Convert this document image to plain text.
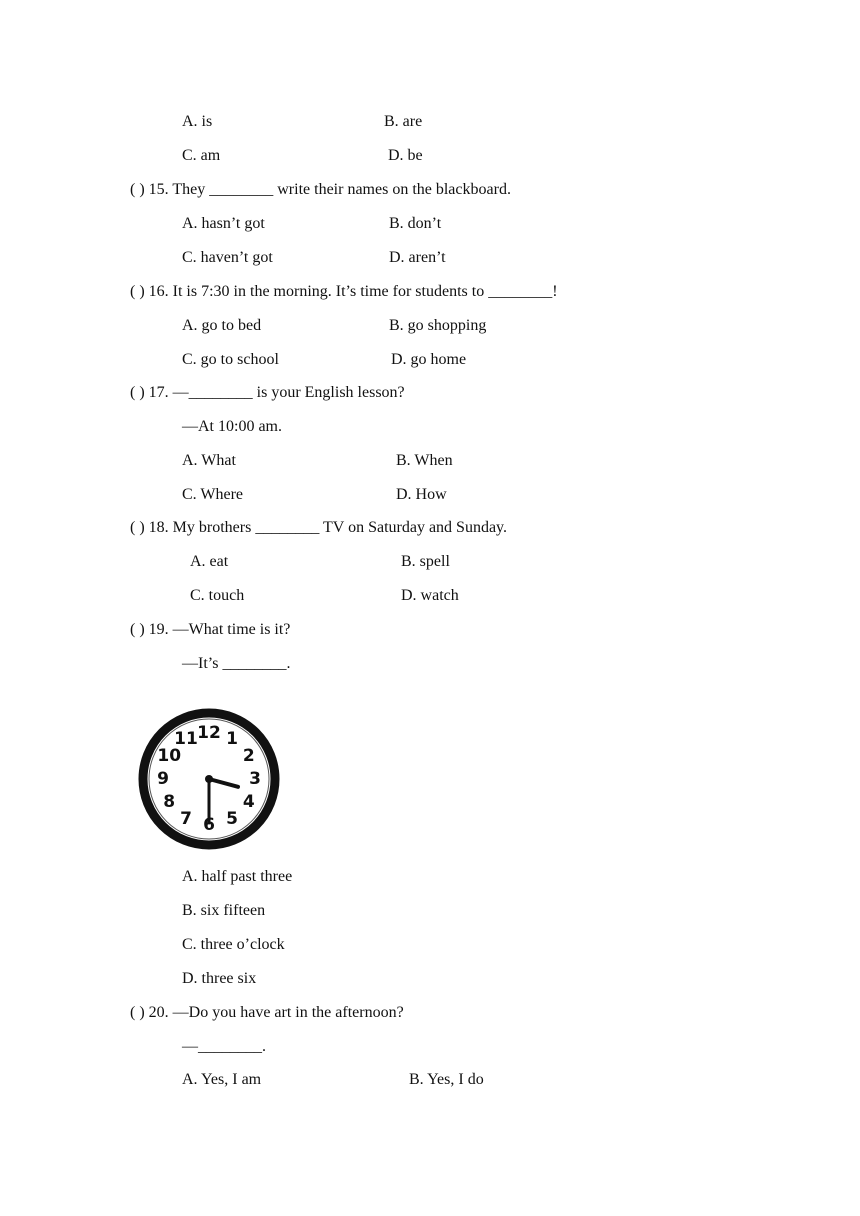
A. is	B. are
C. am	D. be
( ) 15. They ________ write their names on the blackboard.
A. hasn’t got	B. don’t
C. haven’t got	D. aren’t
( ) 16. It is 7:30 in the morning. It’s time for students to ________!
A. go to bed	B. go shopping
C. go to school	D. go home
( ) 17. —________ is your English lesson?
—At 10:00 am.
A. What	B. When
C. Where	D. How
( ) 18. My brothers ________ TV on Saturday and Sunday.
A. eat	B. spell
C. touch	D. watch
( ) 19. —What time is it?
—It’s ________.
12 1
2
3
4
5
6
7
8
9
10
11
A. half past three
B. six fifteen
C. three o’clock
D. three six
( ) 20. —Do you have art in the afternoon?
—________.
A. Yes, I am	B. Yes, I do
